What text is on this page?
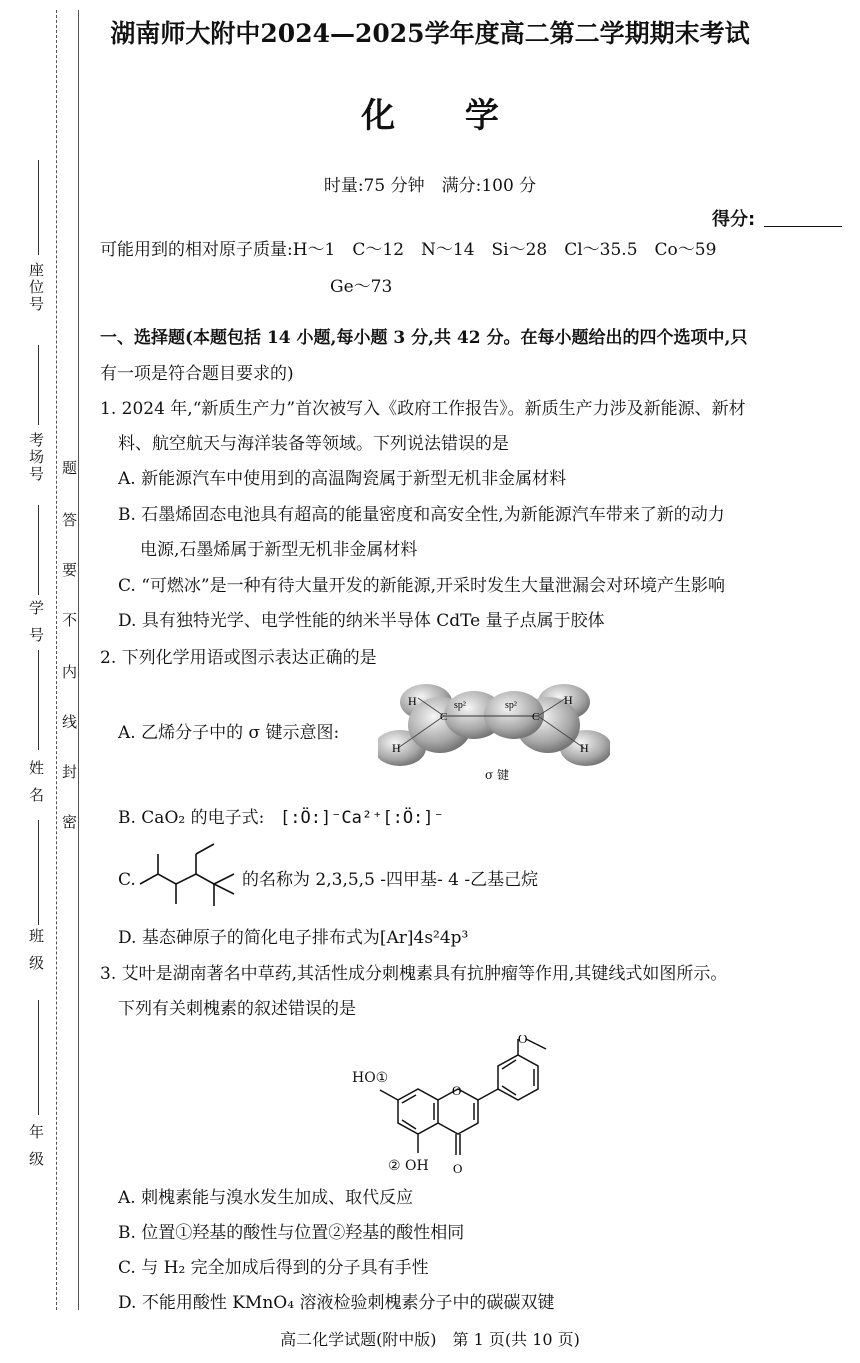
座位号
考场号
学号
姓名
班级
年级
题
答
要
不
内
线
封
密
湖南师大附中2024—2025学年度高二第二学期期末考试
化 学
时量:75 分钟　满分:100 分
得分:
可能用到的相对原子质量:H～1　C～12　N～14　Si～28　Cl～35.5　Co～59
Ge～73
一、选择题(本题包括 14 小题,每小题 3 分,共 42 分。在每小题给出的四个选项中,只
有一项是符合题目要求的)
1. 2024 年,“新质生产力”首次被写入《政府工作报告》。新质生产力涉及新能源、新材
料、航空航天与海洋装备等领域。下列说法错误的是
A. 新能源汽车中使用到的高温陶瓷属于新型无机非金属材料
B. 石墨烯固态电池具有超高的能量密度和高安全性,为新能源汽车带来了新的动力
电源,石墨烯属于新型无机非金属材料
C. “可燃冰”是一种有待大量开发的新能源,开采时发生大量泄漏会对环境产生影响
D. 具有独特光学、电学性能的纳米半导体 CdTe 量子点属于胶体
2. 下列化学用语或图示表达正确的是
A. 乙烯分子中的 σ 键示意图:
H
H
H
H
C	C
sp²	sp²
σ 键
B. CaO₂ 的电子式: [:Ö:]⁻Ca²⁺[:Ö:]⁻
C.	的名称为 2,3,5,5 -四甲基- 4 -乙基己烷
D. 基态砷原子的简化电子排布式为[Ar]4s²4p³
3. 艾叶是湖南著名中草药,其活性成分刺槐素具有抗肿瘤等作用,其键线式如图所示。
下列有关刺槐素的叙述错误的是
O
O
O
HO①
② OH
A. 刺槐素能与溴水发生加成、取代反应
B. 位置①羟基的酸性与位置②羟基的酸性相同
C. 与 H₂ 完全加成后得到的分子具有手性
D. 不能用酸性 KMnO₄ 溶液检验刺槐素分子中的碳碳双键
高二化学试题(附中版)　第 1 页(共 10 页)
